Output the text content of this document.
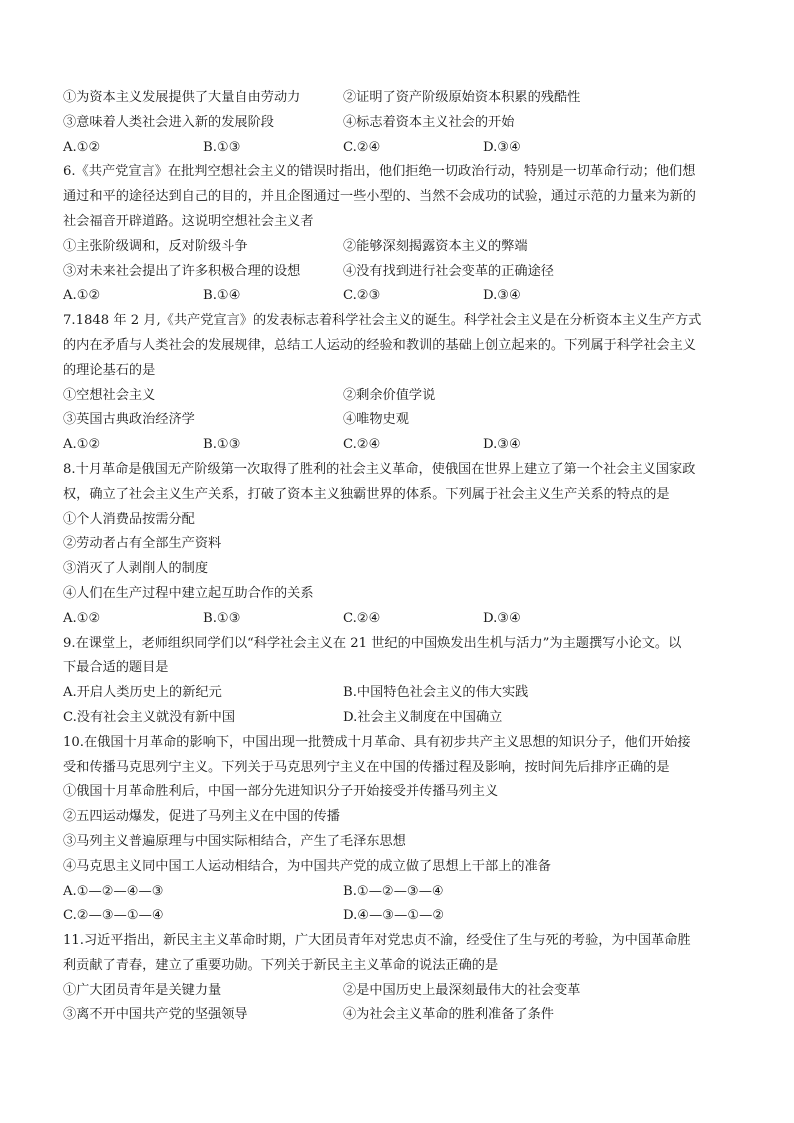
①为资本主义发展提供了大量自由劳动力	②证明了资产阶级原始资本积累的残酷性
③意味着人类社会进入新的发展阶段	④标志着资本主义社会的开始
A.①②	B.①③	C.②④	D.③④
6.《共产党宣言》在批判空想社会主义的错误时指出，他们拒绝一切政治行动，特别是一切革命行动；他们想
通过和平的途径达到自己的目的，并且企图通过一些小型的、当然不会成功的试验，通过示范的力量来为新的
社会福音开辟道路。这说明空想社会主义者
①主张阶级调和，反对阶级斗争	②能够深刻揭露资本主义的弊端
③对未来社会提出了许多积极合理的设想	④没有找到进行社会变革的正确途径
A.①②	B.①④	C.②③	D.③④
7.1848 年 2 月,《共产党宣言》的发表标志着科学社会主义的诞生。科学社会主义是在分析资本主义生产方式
的内在矛盾与人类社会的发展规律，总结工人运动的经验和教训的基础上创立起来的。下列属于科学社会主义
的理论基石的是
①空想社会主义	②剩余价值学说
③英国古典政治经济学	④唯物史观
A.①②	B.①③	C.②④	D.③④
8.十月革命是俄国无产阶级第一次取得了胜利的社会主义革命，使俄国在世界上建立了第一个社会主义国家政
权，确立了社会主义生产关系，打破了资本主义独霸世界的体系。下列属于社会主义生产关系的特点的是
①个人消费品按需分配
②劳动者占有全部生产资料
③消灭了人剥削人的制度
④人们在生产过程中建立起互助合作的关系
A.①②	B.①③	C.②④	D.③④
9.在课堂上，老师组织同学们以“科学社会主义在 21 世纪的中国焕发出生机与活力”为主题撰写小论文。以
下最合适的题目是
A.开启人类历史上的新纪元	B.中国特色社会主义的伟大实践
C.没有社会主义就没有新中国	D.社会主义制度在中国确立
10.在俄国十月革命的影响下，中国出现一批赞成十月革命、具有初步共产主义思想的知识分子，他们开始接
受和传播马克思列宁主义。下列关于马克思列宁主义在中国的传播过程及影响，按时间先后排序正确的是
①俄国十月革命胜利后，中国一部分先进知识分子开始接受并传播马列主义
②五四运动爆发，促进了马列主义在中国的传播
③马列主义普遍原理与中国实际相结合，产生了毛泽东思想
④马克思主义同中国工人运动相结合，为中国共产党的成立做了思想上干部上的准备
A.①—②—④—③	B.①—②—③—④
C.②—③—①—④	D.④—③—①—②
11.习近平指出，新民主主义革命时期，广大团员青年对党忠贞不渝，经受住了生与死的考验，为中国革命胜
利贡献了青春，建立了重要功勋。下列关于新民主主义革命的说法正确的是
①广大团员青年是关键力量	②是中国历史上最深刻最伟大的社会变革
③离不开中国共产党的坚强领导	④为社会主义革命的胜利准备了条件
